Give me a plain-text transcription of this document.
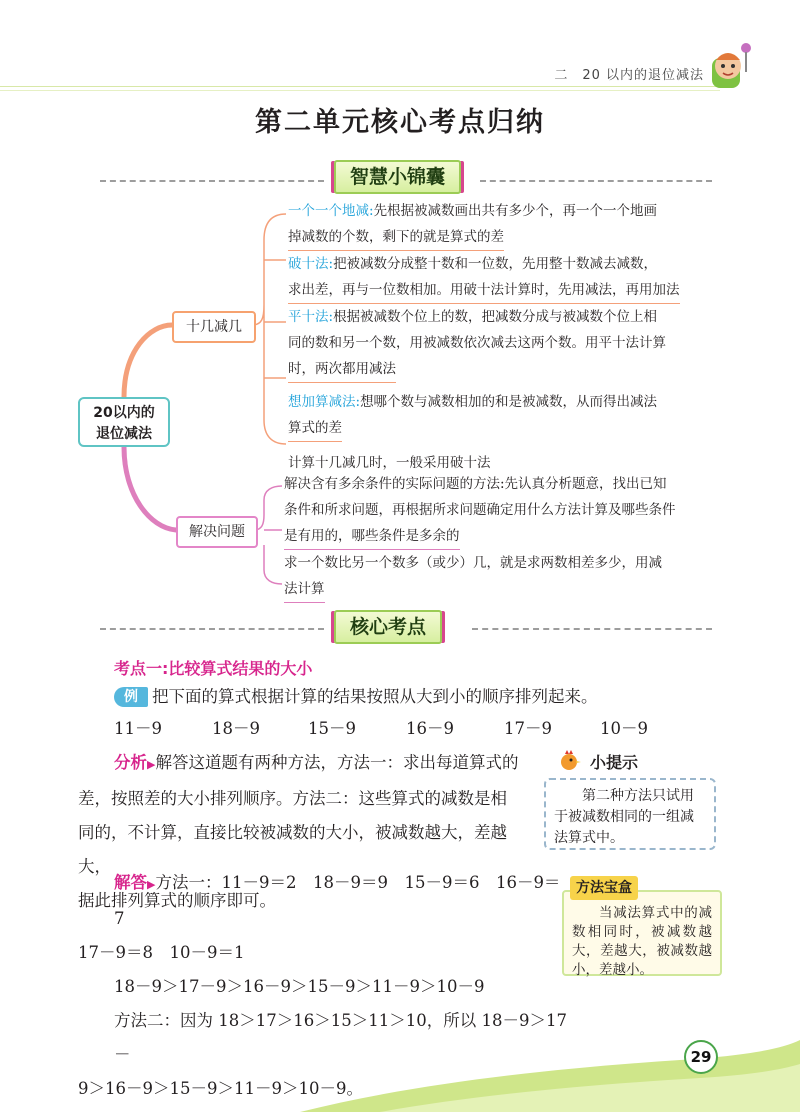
二　20 以内的退位减法
第二单元核心考点归纳
智慧小锦囊
20以内的
退位减法
十几减几
解决问题

一个一个地减:先根据被减数画出共有多少个，再一个一个地画

掉减数的个数，剩下的就是算式的差

破十法:把被减数分成整十数和一位数，先用整十数减去减数，

求出差，再与一位数相加。用破十法计算时，先用减法，再用加法

平十法:根据被减数个位上的数，把减数分成与被减数个位上相

同的数和另一个数，用被减数依次减去这两个数。用平十法计算

时，两次都用减法

想加算减法:想哪个数与减数相加的和是被减数，从而得出减法

算式的差

计算十几减几时，一般采用破十法

解决含有多余条件的实际问题的方法:先认真分析题意，找出已知

条件和所求问题，再根据所求问题确定用什么方法计算及哪些条件

是有用的，哪些条件是多余的

求一个数比另一个数多（或少）几，就是求两数相差多少，用减

法计算

核心考点
考点一:比较算式结果的大小
例 把下面的算式根据计算的结果按照从大到小的顺序排列起来。
11－9	18－9	15－9	16－9	17－9	10－9
分析▶解答这道题有两种方法，方法一：求出每道算式的
差，按照差的大小排列顺序。方法二：这些算式的减数是相
同的，不计算，直接比较被减数的大小，被减数越大，差越大，
据此排列算式的顺序即可。
解答▶方法一：11－9＝2　18－9＝9　15－9＝6　16－9＝7
17－9＝8　10－9＝1
18－9＞17－9＞16－9＞15－9＞11－9＞10－9
方法二：因为 18＞17＞16＞15＞11＞10，所以 18－9＞17－
9＞16－9＞15－9＞11－9＞10－9。
小提示
第二种方法只试用于被减数相同的一组减法算式中。
当减法算式中的减数相同时，被减数越大，差越大，被减数越小，差越小。
方法宝盒
29
